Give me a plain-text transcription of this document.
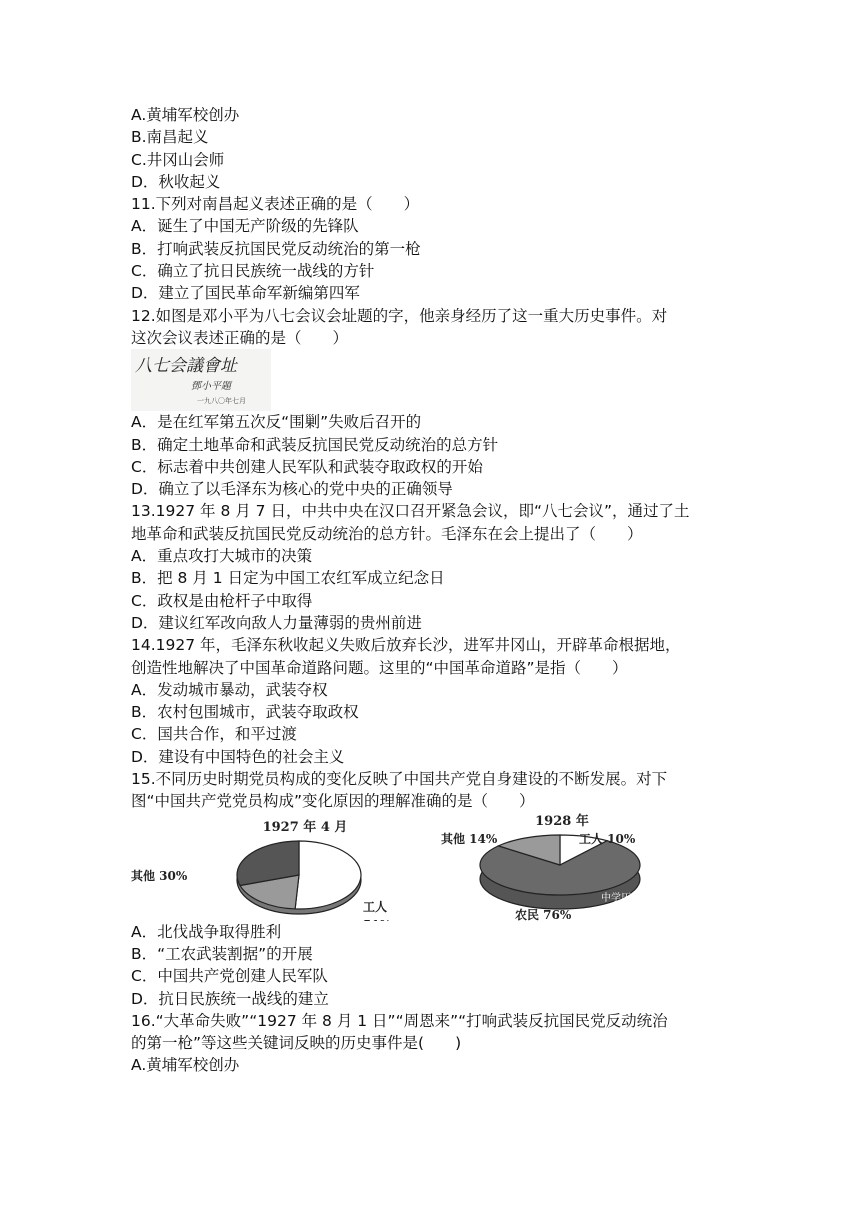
A.黄埔军校创办
B.南昌起义
C.井冈山会师
D．秋收起义
11.下列对南昌起义表述正确的是（　　）
A．诞生了中国无产阶级的先锋队
B．打响武装反抗国民党反动统治的第一枪
C．确立了抗日民族统一战线的方针
D．建立了国民革命军新编第四军
12.如图是邓小平为八七会议会址题的字，他亲身经历了这一重大历史事件。对
这次会议表述正确的是（　　）
八七会議會址
鄧小平題
一九八〇年七月
A．是在红军第五次反“围剿”失败后召开的
B．确定土地革命和武装反抗国民党反动统治的总方针
C．标志着中共创建人民军队和武装夺取政权的开始
D．确立了以毛泽东为核心的党中央的正确领导
13.1927 年 8 月 7 日，中共中央在汉口召开紧急会议，即“八七会议”，通过了土
地革命和武装反抗国民党反动统治的总方针。毛泽东在会上提出了（　　）
A．重点攻打大城市的决策
B．把 8 月 1 日定为中国工农红军成立纪念日
C．政权是由枪杆子中取得
D．建议红军改向敌人力量薄弱的贵州前进
14.1927 年，毛泽东秋收起义失败后放弃长沙，进军井冈山，开辟革命根据地，
创造性地解决了中国革命道路问题。这里的“中国革命道路”是指（　　）
A．发动城市暴动，武装夺权
B．农村包围城市，武装夺取政权
C．国共合作，和平过渡
D．建设有中国特色的社会主义
15.不同历史时期党员构成的变化反映了中国共产党自身建设的不断发展。对下
图“中国共产党党员构成”变化原因的理解准确的是（　　）
1927 年 4 月
其他 30%
工人
1928 年
其他 14%	工人 10%
农民 76%
中学历史
A．北伐战争取得胜利
B．“工农武装割据”的开展
C．中国共产党创建人民军队
D．抗日民族统一战线的建立
16.“大革命失败”“1927 年 8 月 1 日”“周恩来”“打响武装反抗国民党反动统治
的第一枪”等这些关键词反映的历史事件是(　　)
A.黄埔军校创办
